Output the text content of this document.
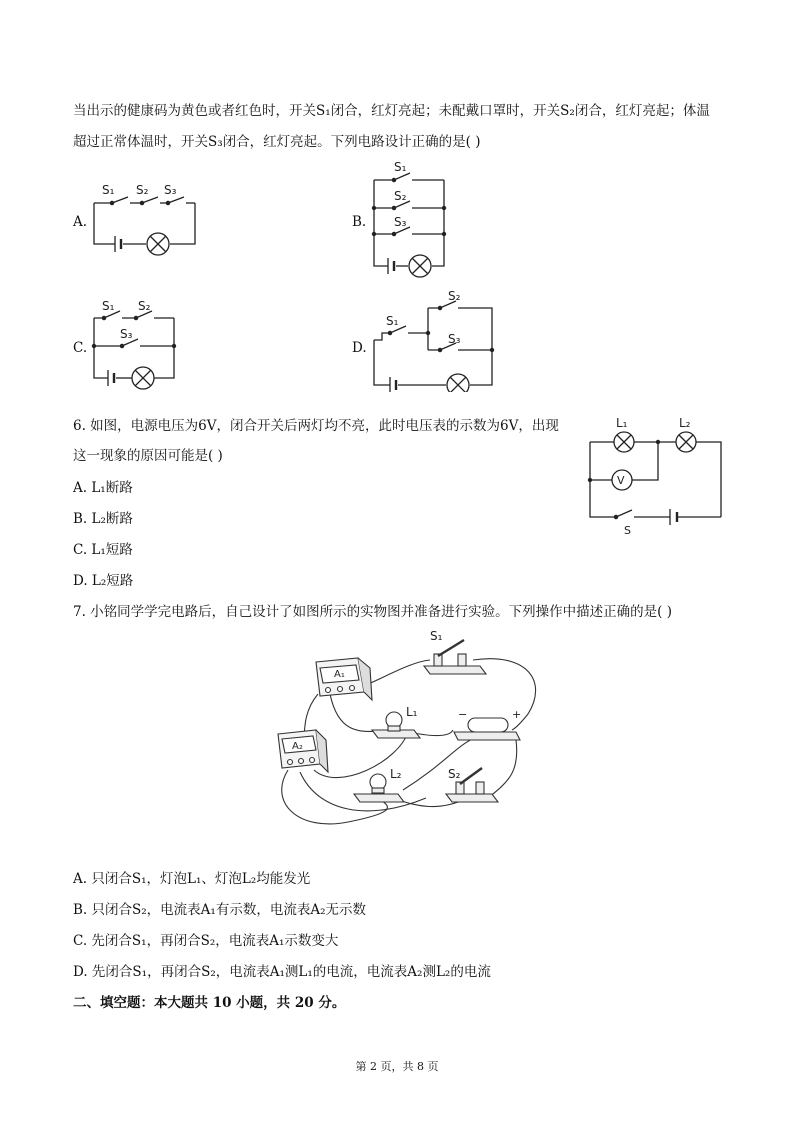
当出示的健康码为黄色或者红色时，开关S₁闭合，红灯亮起；未配戴口罩时，开关S₂闭合，红灯亮起；体温
超过正常体温时，开关S₃闭合，红灯亮起。下列电路设计正确的是( )
A.
S₁ S₂ S₃
B.
S₁
S₂
S₃
C.
S₁ S₂
S₃
D.
S₁
S₂
S₃
6. 如图，电源电压为6V，闭合开关后两灯均不亮，此时电压表的示数为6V，出现
这一现象的原因可能是( )
A. L₁断路
B. L₂断路
C. L₁短路
D. L₂短路
L₁	L₂
V
S
7. 小铭同学学完电路后，自己设计了如图所示的实物图并准备进行实验。下列操作中描述正确的是( )
A₁
A₂
S₁
L₁	−	+
L₂	S₂
A. 只闭合S₁，灯泡L₁、灯泡L₂均能发光
B. 只闭合S₂，电流表A₁有示数，电流表A₂无示数
C. 先闭合S₁，再闭合S₂，电流表A₁示数变大
D. 先闭合S₁，再闭合S₂，电流表A₁测L₁的电流，电流表A₂测L₂的电流
二、填空题：本大题共 10 小题，共 20 分。
第 2 页，共 8 页
